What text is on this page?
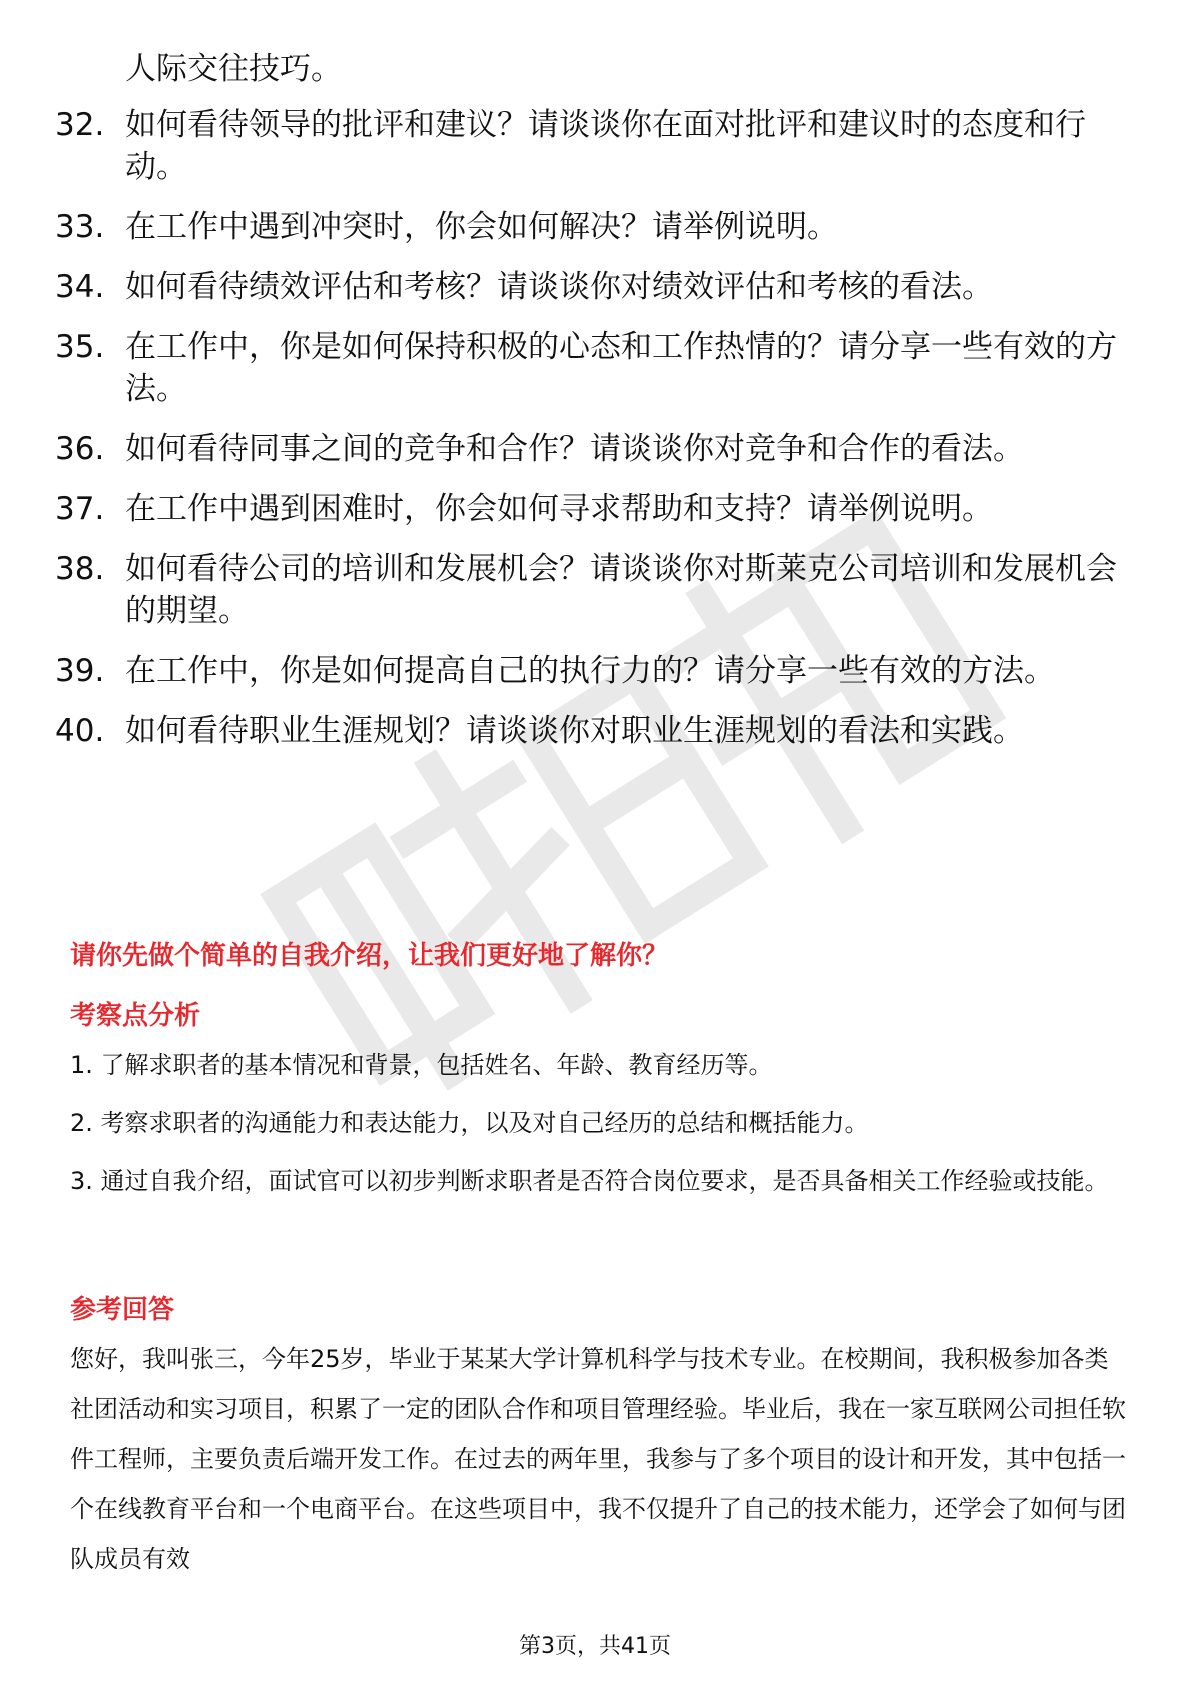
人际交往技巧。
32. 如何看待领导的批评和建议？请谈谈你在面对批评和建议时的态度和行动。
33. 在工作中遇到冲突时，你会如何解决？请举例说明。
34. 如何看待绩效评估和考核？请谈谈你对绩效评估和考核的看法。
35. 在工作中，你是如何保持积极的心态和工作热情的？请分享一些有效的方法。
36. 如何看待同事之间的竞争和合作？请谈谈你对竞争和合作的看法。
37. 在工作中遇到困难时，你会如何寻求帮助和支持？请举例说明。
38. 如何看待公司的培训和发展机会？请谈谈你对斯莱克公司培训和发展机会的期望。
39. 在工作中，你是如何提高自己的执行力的？请分享一些有效的方法。
40. 如何看待职业生涯规划？请谈谈你对职业生涯规划的看法和实践。
请你先做个简单的自我介绍，让我们更好地了解你？
考察点分析
1. 了解求职者的基本情况和背景，包括姓名、年龄、教育经历等。
2. 考察求职者的沟通能力和表达能力，以及对自己经历的总结和概括能力。
3. 通过自我介绍，面试官可以初步判断求职者是否符合岗位要求，是否具备相关工作经验或技能。
参考回答
您好，我叫张三，今年25岁，毕业于某某大学计算机科学与技术专业。在校期间，我积极参加各类社团活动和实习项目，积累了一定的团队合作和项目管理经验。毕业后，我在一家互联网公司担任软件工程师，主要负责后端开发工作。在过去的两年里，我参与了多个项目的设计和开发，其中包括一个在线教育平台和一个电商平台。在这些项目中，我不仅提升了自己的技术能力，还学会了如何与团队成员有效
第3页，共41页
